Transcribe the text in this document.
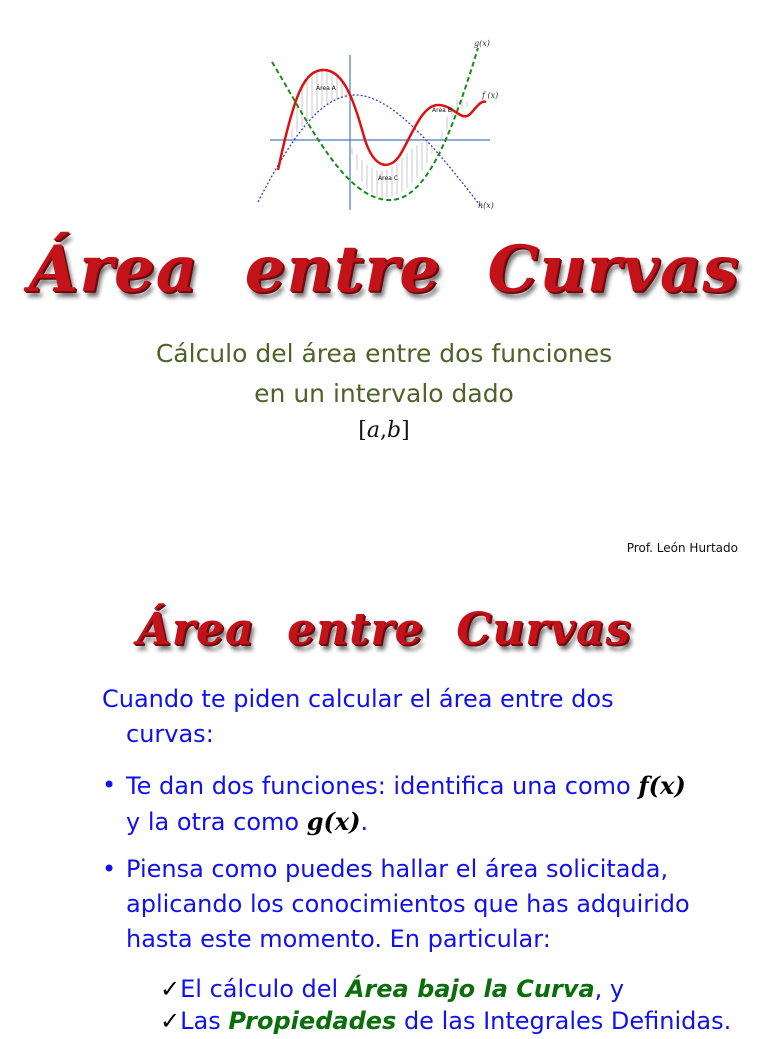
g(x)
f (x)
h(x)
Área A
Área B
Área C
Área  entre  Curvas
Cálculo del área entre dos funciones
en un intervalo dado
[a,b]
Prof. León Hurtado
Área  entre  Curvas
Cuando te piden calcular el área entre dos
curvas:
• Te dan dos funciones: identifica una como f(x)
y la otra como g(x).
• Piensa como puedes hallar el área solicitada,
aplicando los conocimientos que has adquirido
hasta este momento. En particular:
✓El cálculo del Área bajo la Curva, y
✓Las Propiedades de las Integrales Definidas.
